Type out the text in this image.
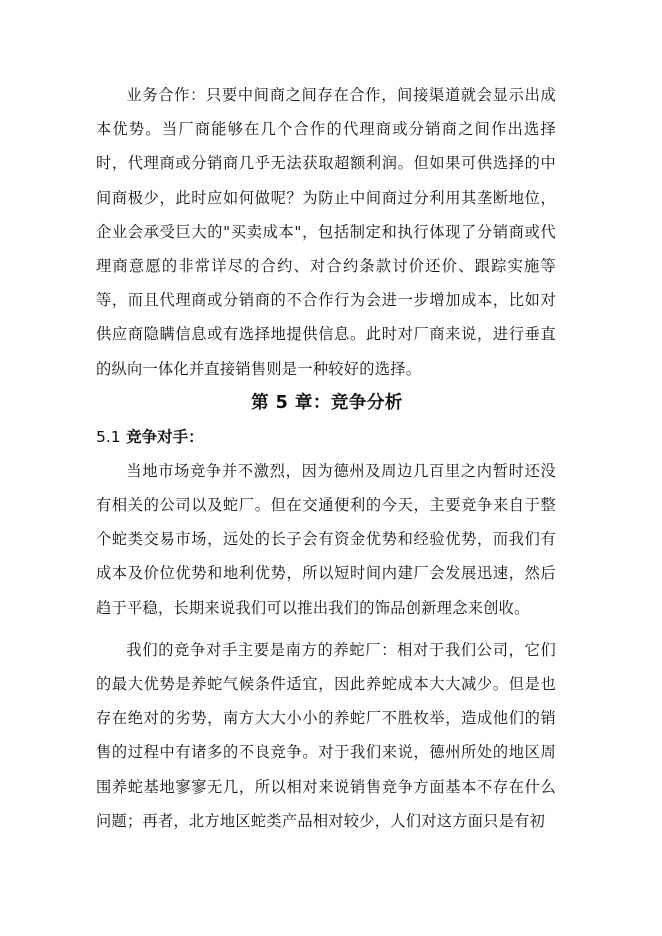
业务合作：只要中间商之间存在合作，间接渠道就会显示出成本优势。当厂商能够在几个合作的代理商或分销商之间作出选择时，代理商或分销商几乎无法获取超额利润。但如果可供选择的中间商极少，此时应如何做呢？为防止中间商过分利用其垄断地位，企业会承受巨大的"买卖成本"，包括制定和执行体现了分销商或代理商意愿的非常详尽的合约、对合约条款讨价还价、跟踪实施等等，而且代理商或分销商的不合作行为会进一步增加成本，比如对供应商隐瞒信息或有选择地提供信息。此时对厂商来说，进行垂直的纵向一体化并直接销售则是一种较好的选择。

第 5 章：竞争分析
5.1 竞争对手：

当地市场竞争并不激烈，因为德州及周边几百里之内暂时还没有相关的公司以及蛇厂。但在交通便利的今天，主要竞争来自于整个蛇类交易市场，远处的长子会有资金优势和经验优势，而我们有成本及价位优势和地利优势，所以短时间内建厂会发展迅速，然后趋于平稳，长期来说我们可以推出我们的饰品创新理念来创收。

我们的竞争对手主要是南方的养蛇厂：相对于我们公司，它们的最大优势是养蛇气候条件适宜，因此养蛇成本大大减少。但是也存在绝对的劣势，南方大大小小的养蛇厂不胜枚举，造成他们的销售的过程中有诸多的不良竞争。对于我们来说，德州所处的地区周围养蛇基地寥寥无几，所以相对来说销售竞争方面基本不存在什么问题；再者，北方地区蛇类产品相对较少，人们对这方面只是有初
